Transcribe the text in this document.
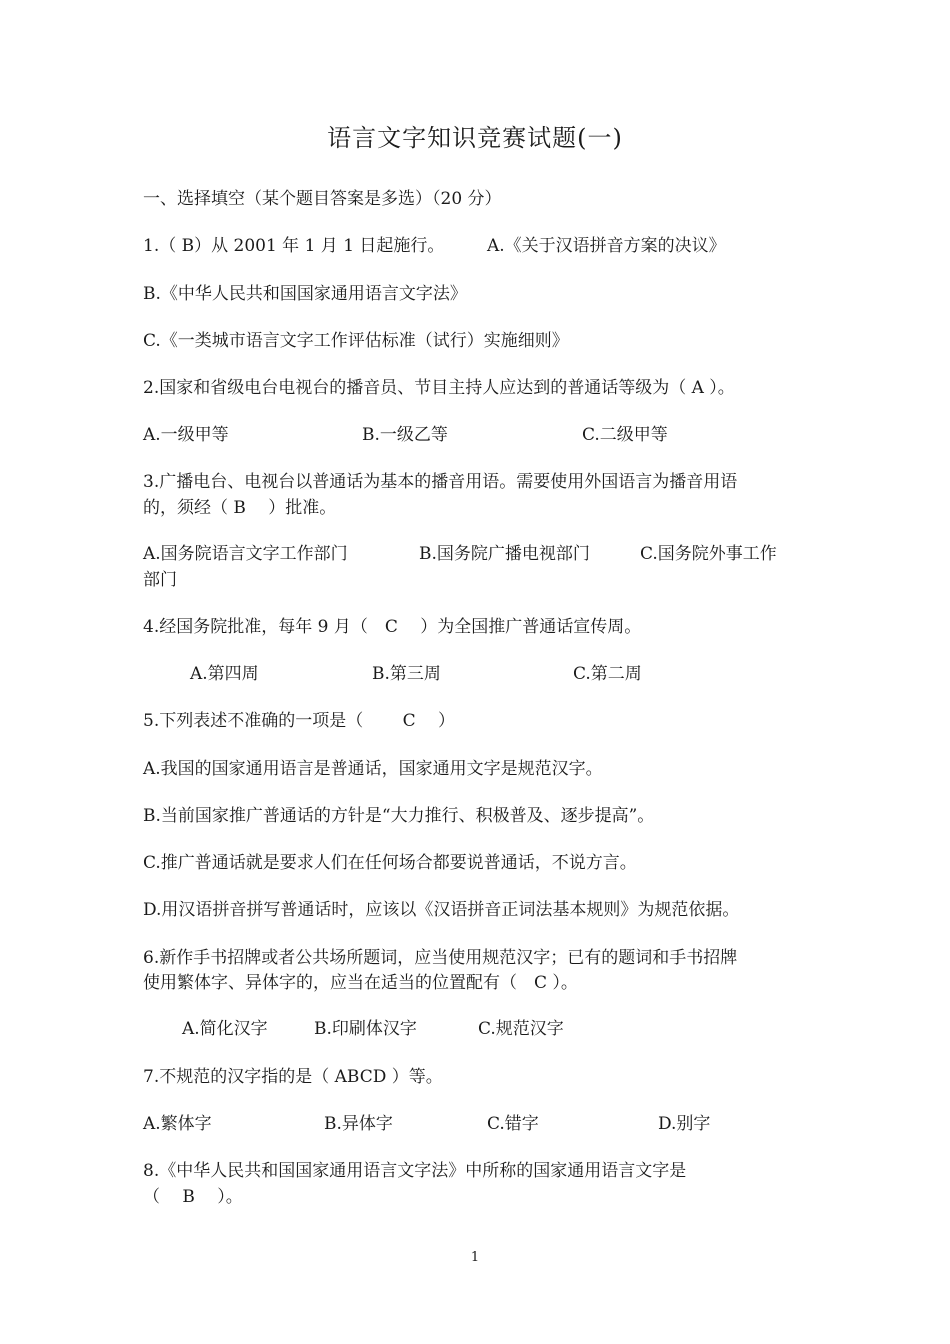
语言文字知识竞赛试题(一)
一、选择填空（某个题目答案是多选）（20 分）
1.（ B）从 2001 年 1 月 1 日起施行。	A.《关于汉语拼音方案的决议》
B.《中华人民共和国国家通用语言文字法》
C.《一类城市语言文字工作评估标准（试行）实施细则》
2.国家和省级电台电视台的播音员、节目主持人应达到的普通话等级为（ A ）。
A.一级甲等	B.一级乙等	C.二级甲等
3.广播电台、电视台以普通话为基本的播音用语。需要使用外国语言为播音用语
的，须经（ B　 ）批准。
A.国务院语言文字工作部门	B.国务院广播电视部门	C.国务院外事工作
部门
4.经国务院批准，每年 9 月（　C　 ）为全国推广普通话宣传周。
A.第四周	B.第三周	C.第二周
5.下列表述不准确的一项是（　　 C　 ）
A.我国的国家通用语言是普通话，国家通用文字是规范汉字。
B.当前国家推广普通话的方针是“大力推行、积极普及、逐步提高”。
C.推广普通话就是要求人们在任何场合都要说普通话，不说方言。
D.用汉语拼音拼写普通话时，应该以《汉语拼音正词法基本规则》为规范依据。
6.新作手书招牌或者公共场所题词，应当使用规范汉字；已有的题词和手书招牌
使用繁体字、异体字的，应当在适当的位置配有（　C ）。
A.简化汉字	B.印刷体汉字	C.规范汉字
7.不规范的汉字指的是（ ABCD ）等。
A.繁体字	B.异体字	C.错字	D.别字
8.《中华人民共和国国家通用语言文字法》中所称的国家通用语言文字是
（　 B　 ）。
1
